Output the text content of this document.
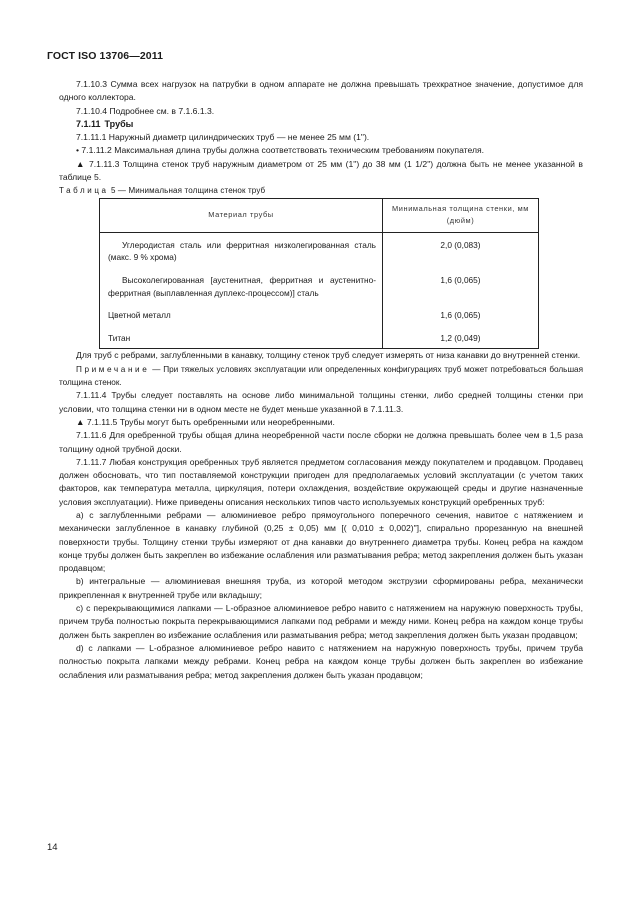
ГОСТ ISO 13706—2011

7.1.10.3 Сумма всех нагрузок на патрубки в одном аппарате не должна превышать трехкратное значение, допустимое для одного коллектора.

7.1.10.4 Подробнее см. в 7.1.6.1.3.

7.1.11 Трубы

7.1.11.1 Наружный диаметр цилиндрических труб — не менее 25 мм (1").

• 7.1.11.2 Максимальная длина трубы должна соответствовать техническим требованиям покупателя.

▲ 7.1.11.3 Толщина стенок труб наружным диаметром от 25 мм (1") до 38 мм (1 1/2") должна быть не менее указанной в таблице 5.

Таблица 5 — Минимальная толщина стенок труб

Материал трубы	Минимальная толщина стенки, мм (дюйм)
Углеродистая сталь или ферритная низколегированная сталь (макс. 9 % хрома)	2,0 (0,083)
Высоколегированная [аустенитная, ферритная и аустенитно-ферритная (выплавленная дуплекс-процессом)] сталь	1,6 (0,065)
Цветной металл	1,6 (0,065)
Титан	1,2 (0,049)

Для труб с ребрами, заглубленными в канавку, толщину стенок труб следует измерять от низа канавки до внутренней стенки.

Примечание — При тяжелых условиях эксплуатации или определенных конфигурациях труб может потребоваться большая толщина стенок.

7.1.11.4 Трубы следует поставлять на основе либо минимальной толщины стенки, либо средней толщины стенки при условии, что толщина стенки ни в одном месте не будет меньше указанной в 7.1.11.3.

▲ 7.1.11.5 Трубы могут быть оребренными или неоребренными.

7.1.11.6 Для оребренной трубы общая длина неоребренной части после сборки не должна превышать более чем в 1,5 раза толщину одной трубной доски.

7.1.11.7 Любая конструкция оребренных труб является предметом согласования между покупателем и продавцом. Продавец должен обосновать, что тип поставляемой конструкции пригоден для предполагаемых условий эксплуатации (с учетом таких факторов, как температура металла, циркуляция, потери охлаждения, воздействие окружающей среды и другие назначенные условия эксплуатации). Ниже приведены описания нескольких типов часто используемых конструкций оребренных труб:

a) с заглубленными ребрами — алюминиевое ребро прямоугольного поперечного сечения, навитое с натяжением и механически заглубленное в канавку глубиной (0,25 ± 0,05) мм [( 0,010 ± 0,002)"], спирально прорезанную на внешней поверхности трубы. Толщину стенки трубы измеряют от дна канавки до внутреннего диаметра трубы. Конец ребра на каждом конце трубы должен быть закреплен во избежание ослабления или разматывания ребра; метод закрепления должен быть указан продавцом;

b) интегральные — алюминиевая внешняя труба, из которой методом экструзии сформированы ребра, механически прикрепленная к внутренней трубе или вкладышу;

c) с перекрывающимися лапками — L-образное алюминиевое ребро навито с натяжением на наружную поверхность трубы, причем труба полностью покрыта перекрывающимися лапками под ребрами и между ними. Конец ребра на каждом конце трубы должен быть закреплен во избежание ослабления или разматывания ребра; метод закрепления должен быть указан продавцом;

d) с лапками — L-образное алюминиевое ребро навито с натяжением на наружную поверхность трубы, причем труба полностью покрыта лапками между ребрами. Конец ребра на каждом конце трубы должен быть закреплен во избежание ослабления или разматывания ребра; метод закрепления должен быть указан продавцом;

14
